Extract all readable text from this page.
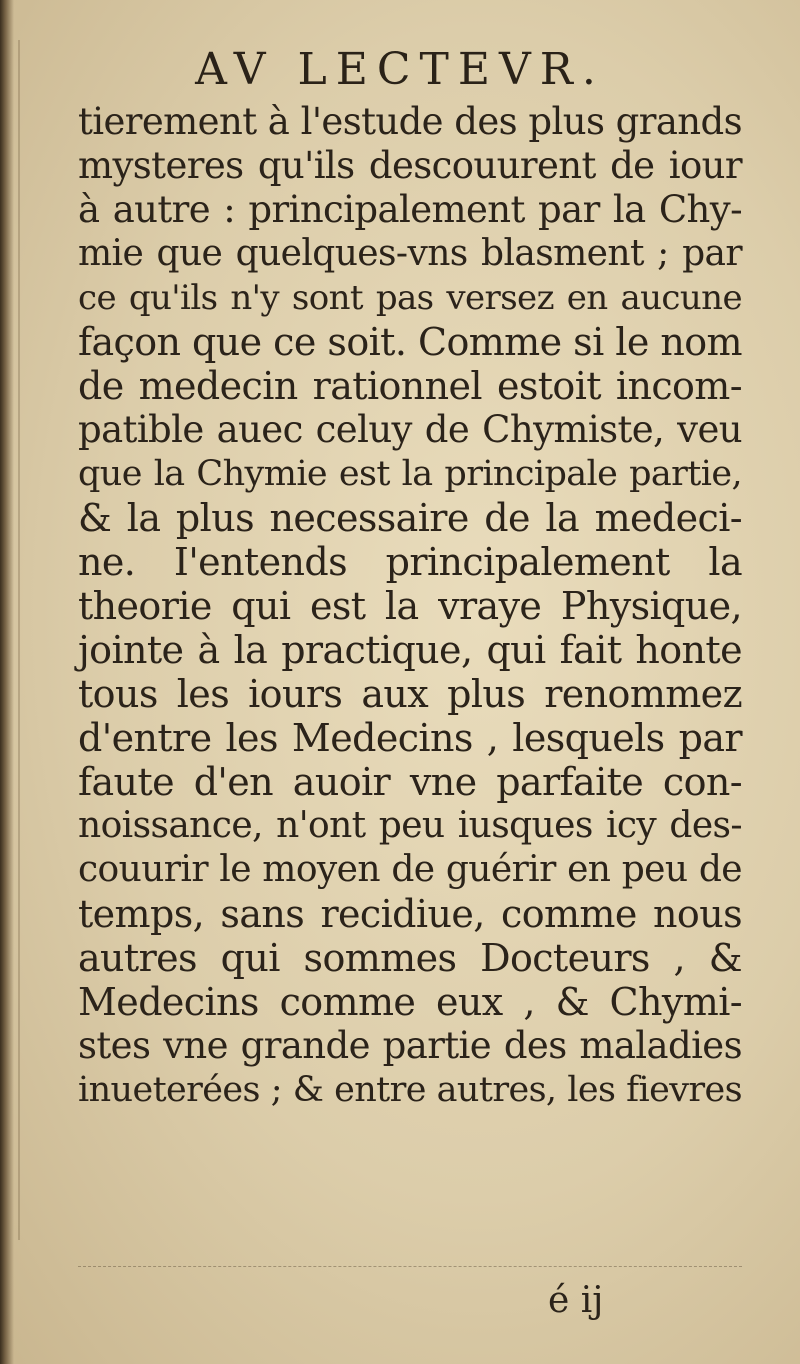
AV LECTEVR.
tierement à l'estude des plus grands
mysteres qu'ils descouurent de iour
à autre : principalement par la Chy-
mie que quelques-vns blasment ; par
ce qu'ils n'y sont pas versez en aucune
façon que ce soit. Comme si le nom
de medecin rationnel estoit incom-
patible auec celuy de Chymiste, veu
que la Chymie est la principale partie,
& la plus necessaire de la medeci-
ne. I'entends principalement la
theorie qui est la vraye Physique,
jointe à la practique, qui fait honte
tous les iours aux plus renommez
d'entre les Medecins , lesquels par
faute d'en auoir vne parfaite con-
noissance, n'ont peu iusques icy des-
couurir le moyen de guérir en peu de
temps, sans recidiue, comme nous
autres qui sommes Docteurs , &
Medecins comme eux , & Chymi-
stes vne grande partie des maladies
inueterées ; & entre autres, les fievres
é ij
